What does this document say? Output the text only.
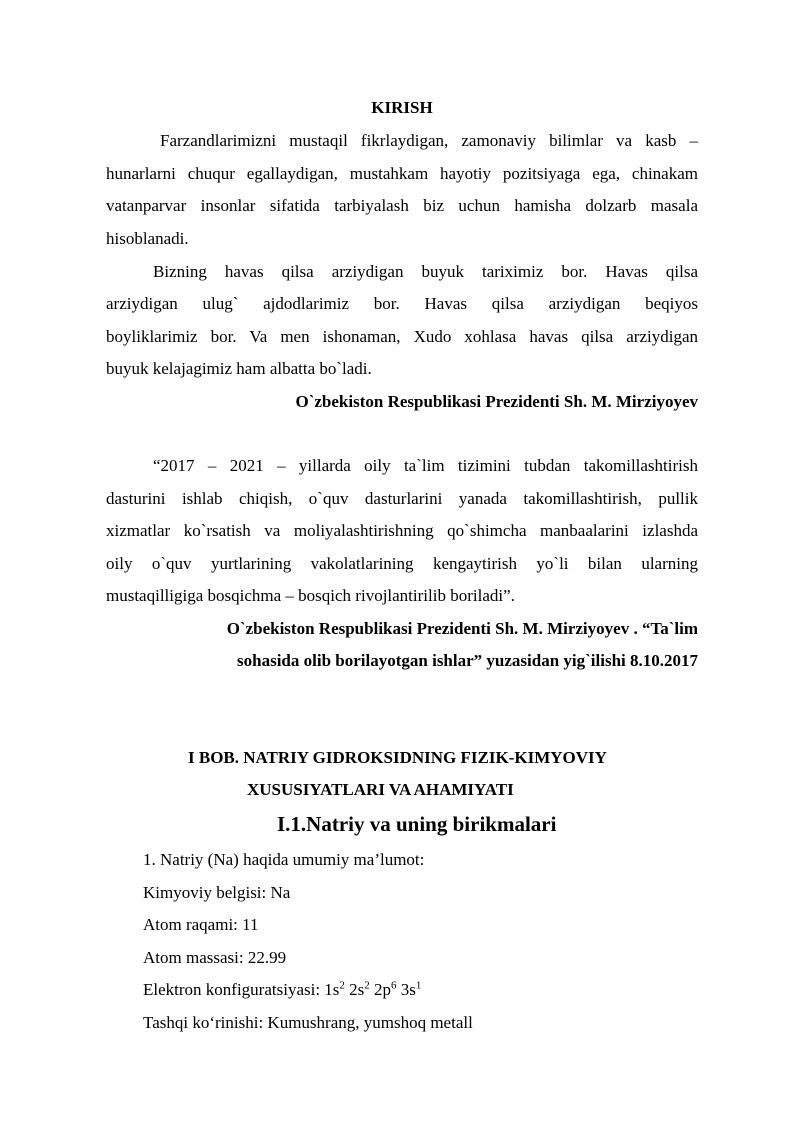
KIRISH
Farzandlarimizni mustaqil fikrlaydigan, zamonaviy bilimlar va kasb –
hunarlarni chuqur egallaydigan, mustahkam hayotiy pozitsiyaga ega, chinakam
vatanparvar insonlar sifatida tarbiyalash biz uchun hamisha dolzarb masala
hisoblanadi.
Bizning havas qilsa arziydigan buyuk tariximiz bor. Havas qilsa
arziydigan ulug` ajdodlarimiz bor. Havas qilsa arziydigan beqiyos
boyliklarimiz bor. Va men ishonaman, Xudo xohlasa havas qilsa arziydigan
buyuk kelajagimiz ham albatta bo`ladi.
O`zbekiston Respublikasi Prezidenti Sh. M. Mirziyoyev
“2017 – 2021 – yillarda oily ta`lim tizimini tubdan takomillashtirish
dasturini ishlab chiqish, o`quv dasturlarini yanada takomillashtirish, pullik
xizmatlar ko`rsatish va moliyalashtirishning qo`shimcha manbaalarini izlashda
oily o`quv yurtlarining vakolatlarining kengaytirish yo`li bilan ularning
mustaqilligiga bosqichma – bosqich rivojlantirilib boriladi”.
O`zbekiston Respublikasi Prezidenti Sh. M. Mirziyoyev . “Ta`lim
sohasida olib borilayotgan ishlar” yuzasidan yig`ilishi 8.10.2017
I BOB. NATRIY GIDROKSIDNING FIZIK-KIMYOVIY
XUSUSIYATLARI VA AHAMIYATI
I.1.Natriy va uning birikmalari
1. Natriy (Na) haqida umumiy ma’lumot:
Kimyoviy belgisi: Na
Atom raqami: 11
Atom massasi: 22.99
Elektron konfiguratsiyasi: $1s^2$ $2s^2$ $2p^6$ $3s^1$
Tashqi ko‘rinishi: Kumushrang, yumshoq metall
